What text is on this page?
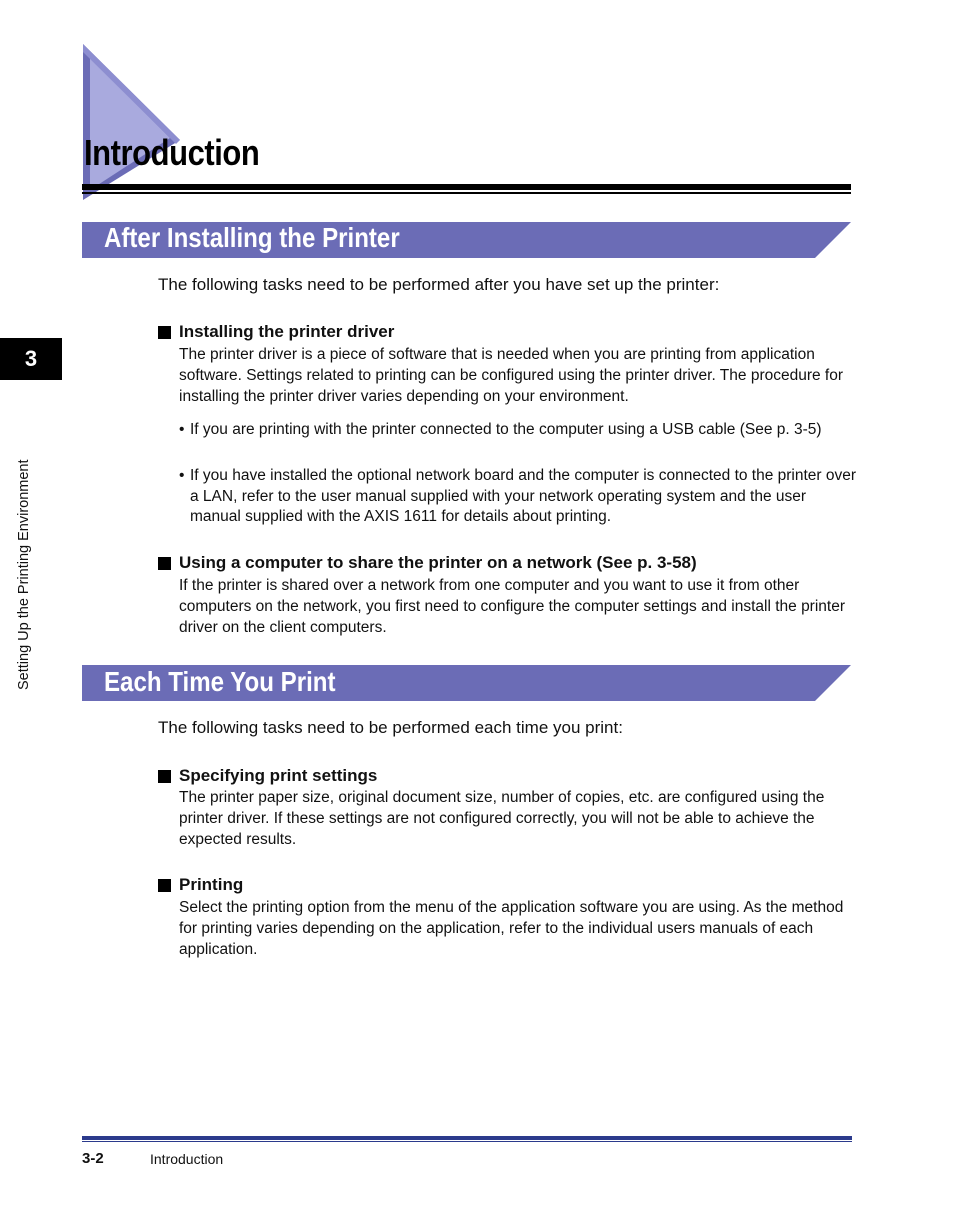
Introduction
3
Setting Up the Printing Environment
After Installing the Printer

The following tasks need to be performed after you have set up the printer:

Installing the printer driver

The printer driver is a piece of software that is needed when you are printing from application software. Settings related to printing can be configured using the printer driver. The procedure for installing the printer driver varies depending on your environment.

• If you are printing with the printer connected to the computer using a USB cable (See p. 3-5)
• If you have installed the optional network board and the computer is connected to the printer over a LAN, refer to the user manual supplied with your network operating system and the user manual supplied with the AXIS 1611 for details about printing.
Using a computer to share the printer on a network (See p. 3-58)

If the printer is shared over a network from one computer and you want to use it from other computers on the network, you first need to configure the computer settings and install the printer driver on the client computers.

Each Time You Print

The following tasks need to be performed each time you print:

Specifying print settings

The printer paper size, original document size, number of copies, etc. are configured using the printer driver. If these settings are not configured correctly, you will not be able to achieve the expected results.

Printing

Select the printing option from the menu of the application software you are using. As the method for printing varies depending on the application, refer to the individual users manuals of each application.

3-2	Introduction
